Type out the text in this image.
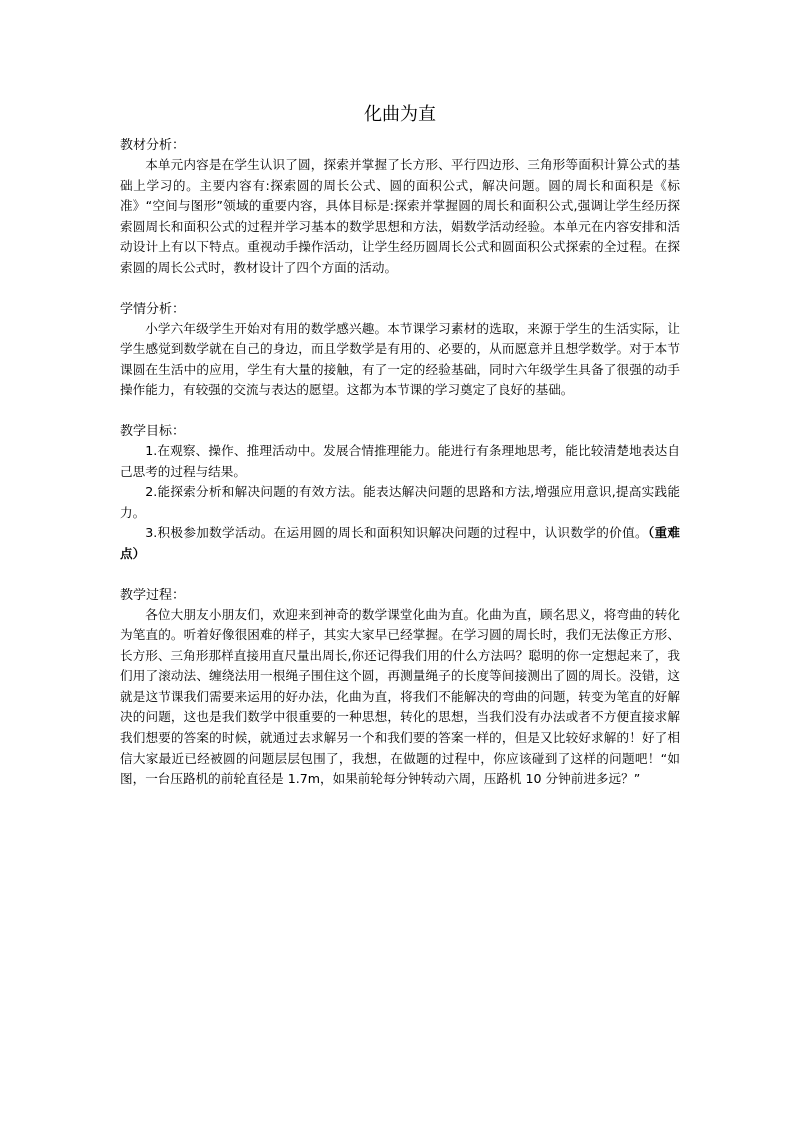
化曲为直

教材分析：

本单元内容是在学生认识了圆，探索并掌握了长方形、平行四边形、三角形等面积计算公式的基础上学习的。主要内容有:探索圆的周长公式、圆的面积公式，解决问题。圆的周长和面积是《标准》“空间与图形”领域的重要内容，具体目标是:探索并掌握圆的周长和面积公式,强调让学生经历探索圆周长和面积公式的过程并学习基本的数学思想和方法，娟数学活动经验。本单元在内容安排和活动设计上有以下特点。重视动手操作活动，让学生经历圆周长公式和圆面积公式探索的全过程。在探索圆的周长公式时，教材设计了四个方面的活动。

学情分析：

小学六年级学生开始对有用的数学感兴趣。本节课学习素材的选取，来源于学生的生活实际，让学生感觉到数学就在自己的身边，而且学数学是有用的、必要的，从而愿意并且想学数学。对于本节课圆在生活中的应用，学生有大量的接触，有了一定的经验基础，同时六年级学生具备了很强的动手操作能力，有较强的交流与表达的愿望。这都为本节课的学习奠定了良好的基础。

教学目标：

1.在观察、操作、推理活动中。发展合情推理能力。能进行有条理地思考，能比较清楚地表达自己思考的过程与结果。

2.能探索分析和解决问题的有效方法。能表达解决问题的思路和方法,增强应用意识,提高实践能力。

3.积极参加数学活动。在运用圆的周长和面积知识解决问题的过程中，认识数学的价值。（重难点）

教学过程：

各位大朋友小朋友们，欢迎来到神奇的数学课堂化曲为直。化曲为直，顾名思义，将弯曲的转化为笔直的。听着好像很困难的样子，其实大家早已经掌握。在学习圆的周长时，我们无法像正方形、长方形、三角形那样直接用直尺量出周长,你还记得我们用的什么方法吗？聪明的你一定想起来了，我们用了滚动法、缠绕法用一根绳子围住这个圆，再测量绳子的长度等间接测出了圆的周长。没错，这就是这节课我们需要来运用的好办法，化曲为直，将我们不能解决的弯曲的问题，转变为笔直的好解决的问题，这也是我们数学中很重要的一种思想，转化的思想，当我们没有办法或者不方便直接求解我们想要的答案的时候，就通过去求解另一个和我们要的答案一样的，但是又比较好求解的！好了相信大家最近已经被圆的问题层层包围了，我想，在做题的过程中，你应该碰到了这样的问题吧！“如图，一台压路机的前轮直径是 1.7m，如果前轮每分钟转动六周，压路机 10 分钟前进多远？”
